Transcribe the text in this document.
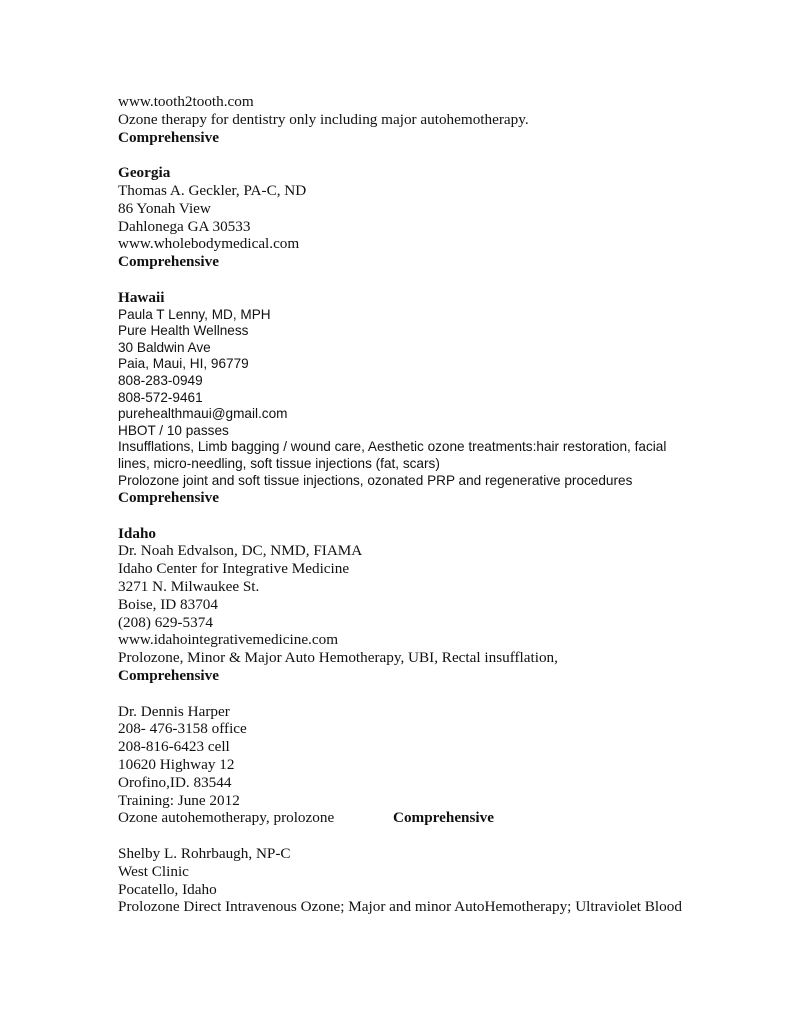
www.tooth2tooth.com
Ozone therapy for dentistry only including major autohemotherapy.
Comprehensive
Georgia
Thomas A. Geckler, PA-C, ND
86 Yonah View
Dahlonega GA 30533
www.wholebodymedical.com
Comprehensive
Hawaii
Paula T Lenny, MD, MPH
Pure Health Wellness
30 Baldwin Ave
Paia, Maui, HI, 96779
808-283-0949
808-572-9461
purehealthmaui@gmail.com
HBOT / 10 passes
Insufflations, Limb bagging / wound care, Aesthetic ozone treatments:hair restoration, facial
lines, micro-needling, soft tissue injections (fat, scars)
Prolozone joint and soft tissue injections, ozonated PRP and regenerative procedures
Comprehensive
Idaho
Dr. Noah Edvalson, DC, NMD, FIAMA
Idaho Center for Integrative Medicine
3271 N. Milwaukee St.
Boise, ID 83704
(208) 629-5374
www.idahointegrativemedicine.com
Prolozone, Minor & Major Auto Hemotherapy, UBI, Rectal insufflation,
Comprehensive
Dr. Dennis Harper
208- 476-3158 office
208-816-6423 cell
10620 Highway 12
Orofino,ID. 83544
Training: June 2012
Ozone autohemotherapy, prolozone	Comprehensive
Shelby L. Rohrbaugh, NP-C
West Clinic
Pocatello, Idaho
Prolozone Direct Intravenous Ozone; Major and minor AutoHemotherapy; Ultraviolet Blood
